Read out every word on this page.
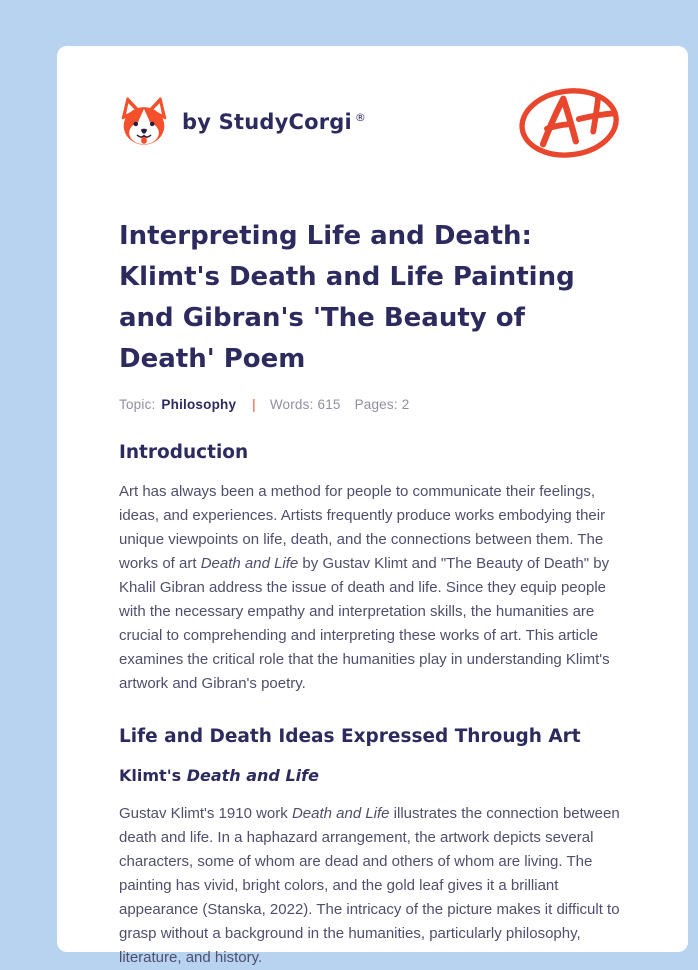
by StudyCorgi ®
Interpreting Life and Death: Klimt's Death and Life Painting and Gibran's 'The Beauty of Death' Poem
Topic: Philosophy | Words: 615 Pages: 2
Introduction

Art has always been a method for people to communicate their feelings, ideas, and experiences. Artists frequently produce works embodying their unique viewpoints on life, death, and the connections between them. The works of art Death and Life by Gustav Klimt and "The Beauty of Death" by Khalil Gibran address the issue of death and life. Since they equip people with the necessary empathy and interpretation skills, the humanities are crucial to comprehending and interpreting these works of art. This article examines the critical role that the humanities play in understanding Klimt's artwork and Gibran's poetry.

Life and Death Ideas Expressed Through Art
Klimt's Death and Life

Gustav Klimt's 1910 work Death and Life illustrates the connection between death and life. In a haphazard arrangement, the artwork depicts several characters, some of whom are dead and others of whom are living. The painting has vivid, bright colors, and the gold leaf gives it a brilliant appearance (Stanska, 2022). The intricacy of the picture makes it difficult to grasp without a background in the humanities, particularly philosophy, literature, and history.
